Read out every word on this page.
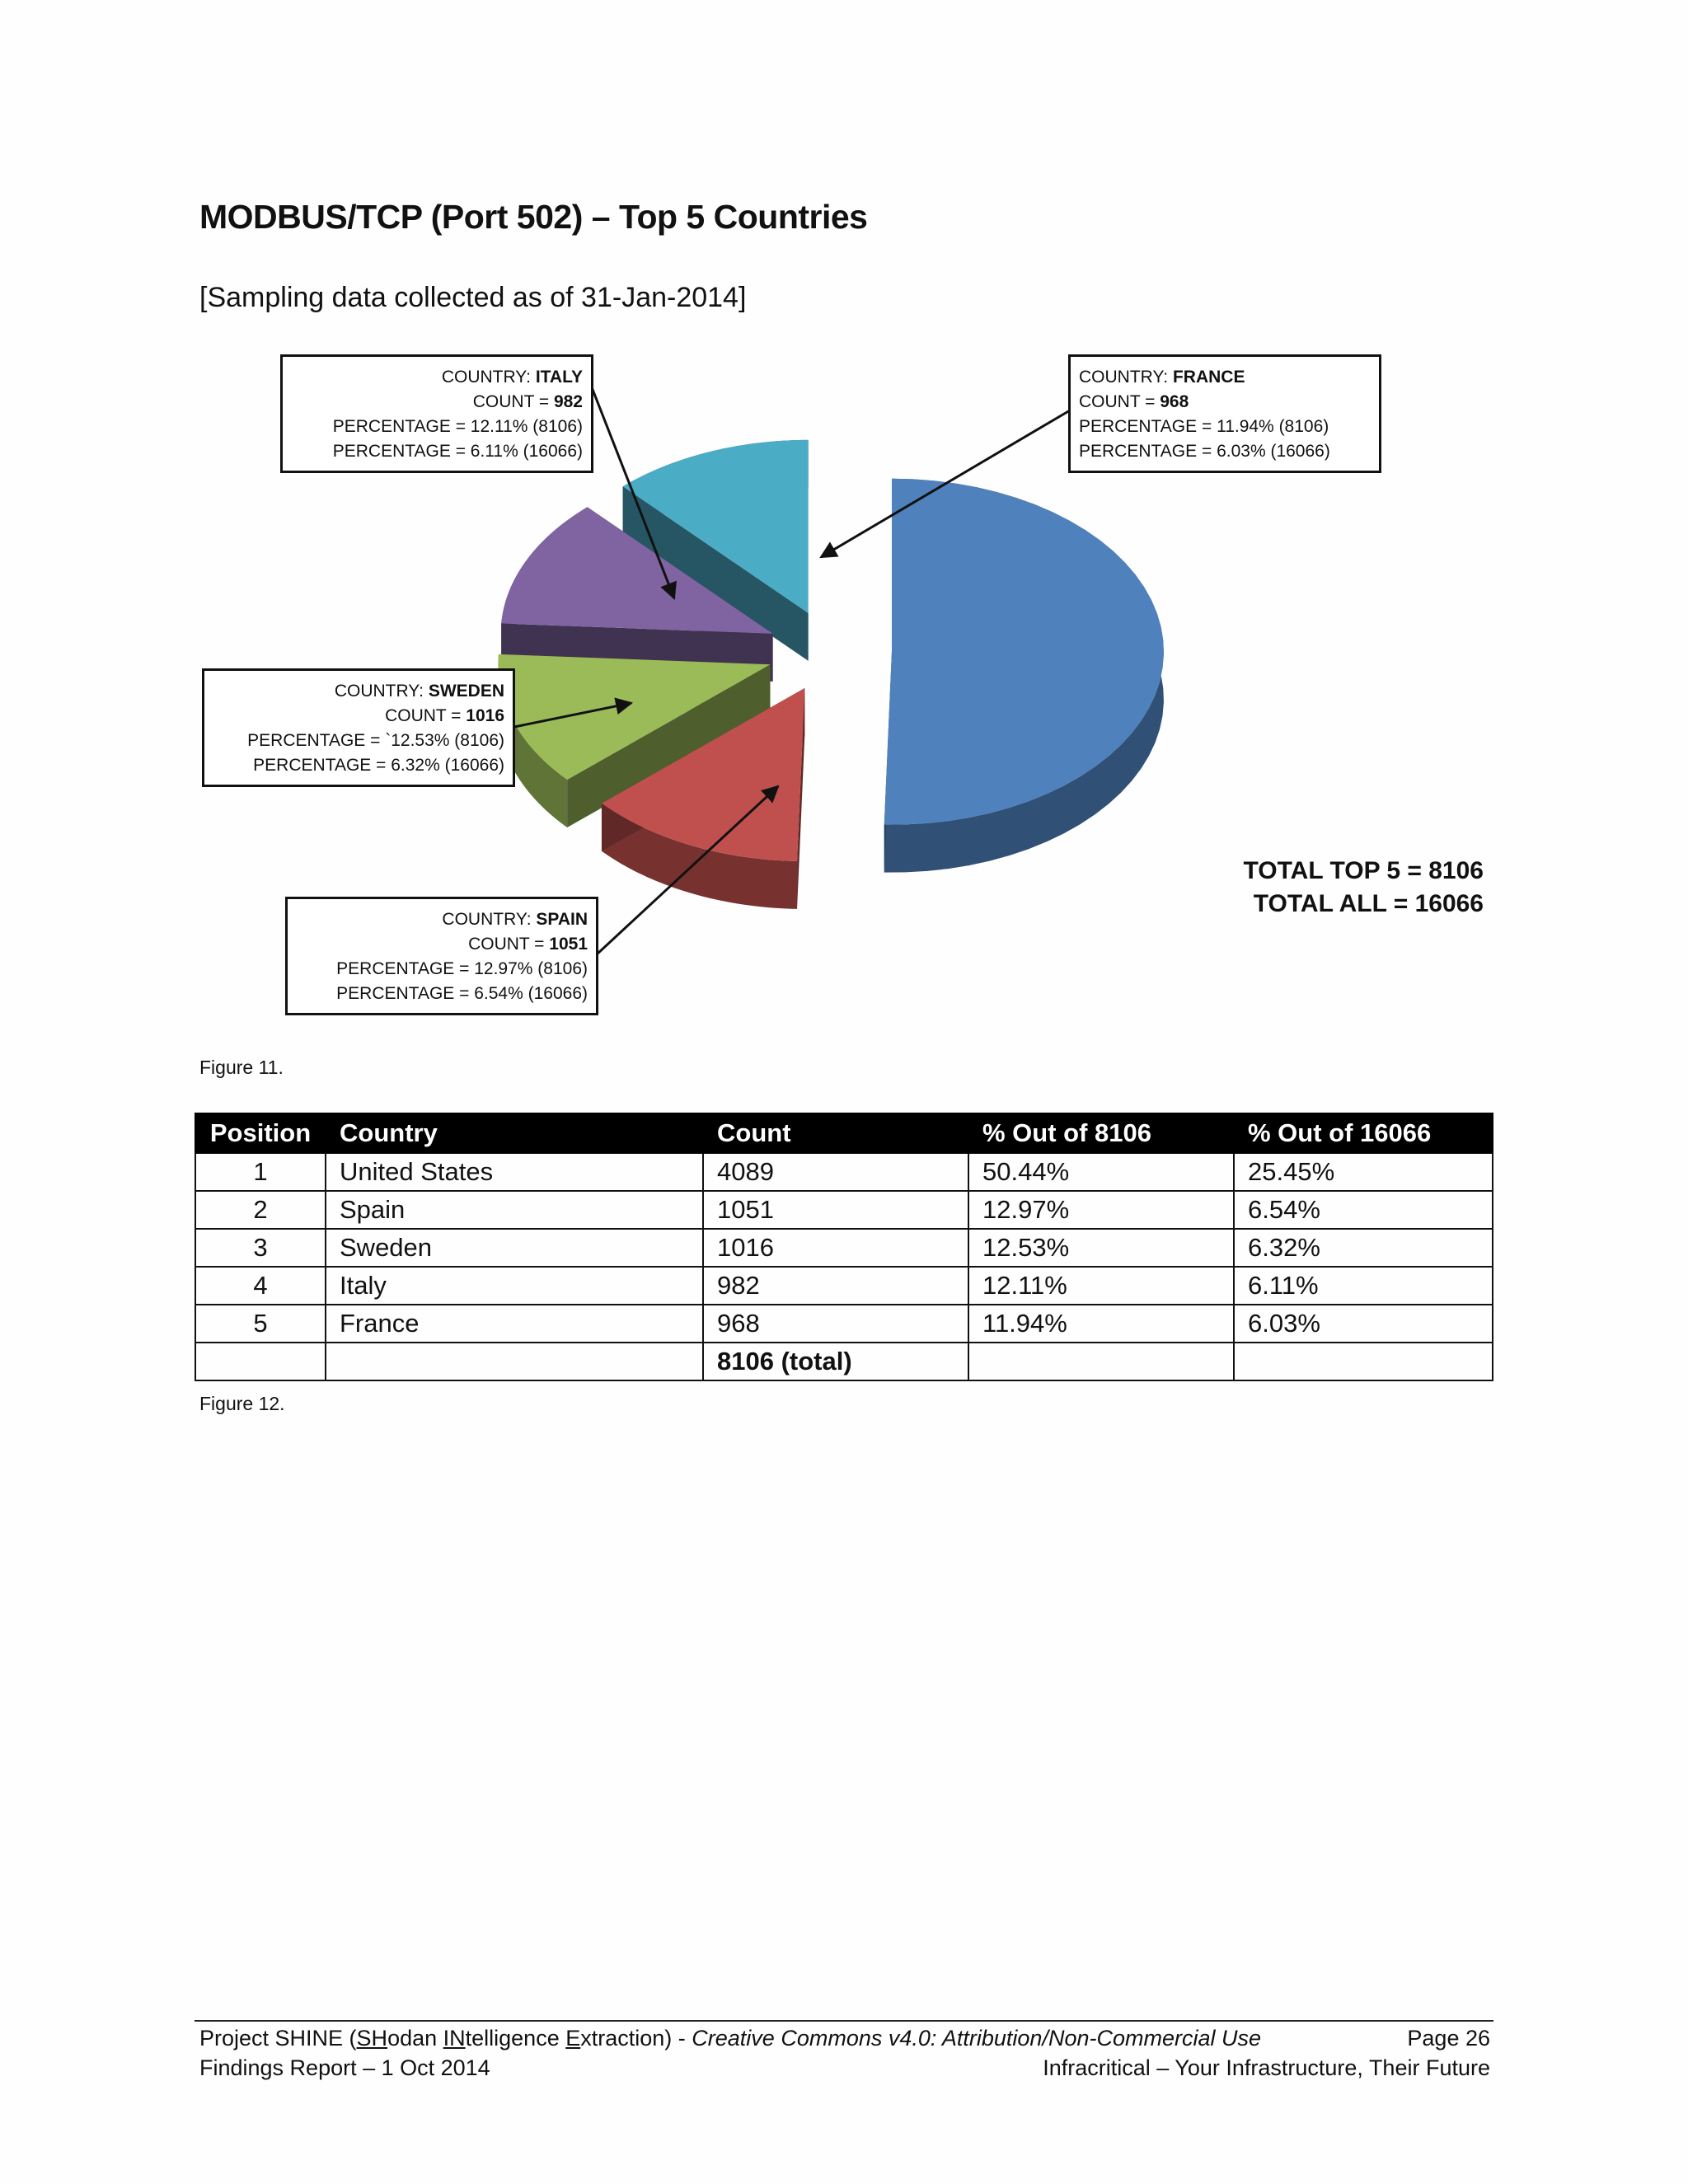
MODBUS/TCP (Port 502) – Top 5 Countries
[Sampling data collected as of 31-Jan-2014]
COUNTRY: ITALY
COUNT = 982
PERCENTAGE = 12.11% (8106)
PERCENTAGE = 6.11% (16066)
COUNTRY: FRANCE
COUNT = 968
PERCENTAGE = 11.94% (8106)
PERCENTAGE = 6.03% (16066)
COUNTRY: SWEDEN
COUNT = 1016
PERCENTAGE = `12.53% (8106)
PERCENTAGE = 6.32% (16066)
COUNTRY: SPAIN
COUNT = 1051
PERCENTAGE = 12.97% (8106)
PERCENTAGE = 6.54% (16066)
TOTAL TOP 5 = 8106
TOTAL ALL = 16066
Figure 11.
Position	Country	Count	% Out of 8106	% Out of 16066
1	United States	4089	50.44%	25.45%
2	Spain	1051	12.97%	6.54%
3	Sweden	1016	12.53%	6.32%
4	Italy	982	12.11%	6.11%
5	France	968	11.94%	6.03%
		8106 (total)		
Figure 12.
Project SHINE (SHodan INtelligence Extraction) - Creative Commons v4.0: Attribution/Non-Commercial Use	Page 26
Findings Report – 1 Oct 2014	Infracritical – Your Infrastructure, Their Future
